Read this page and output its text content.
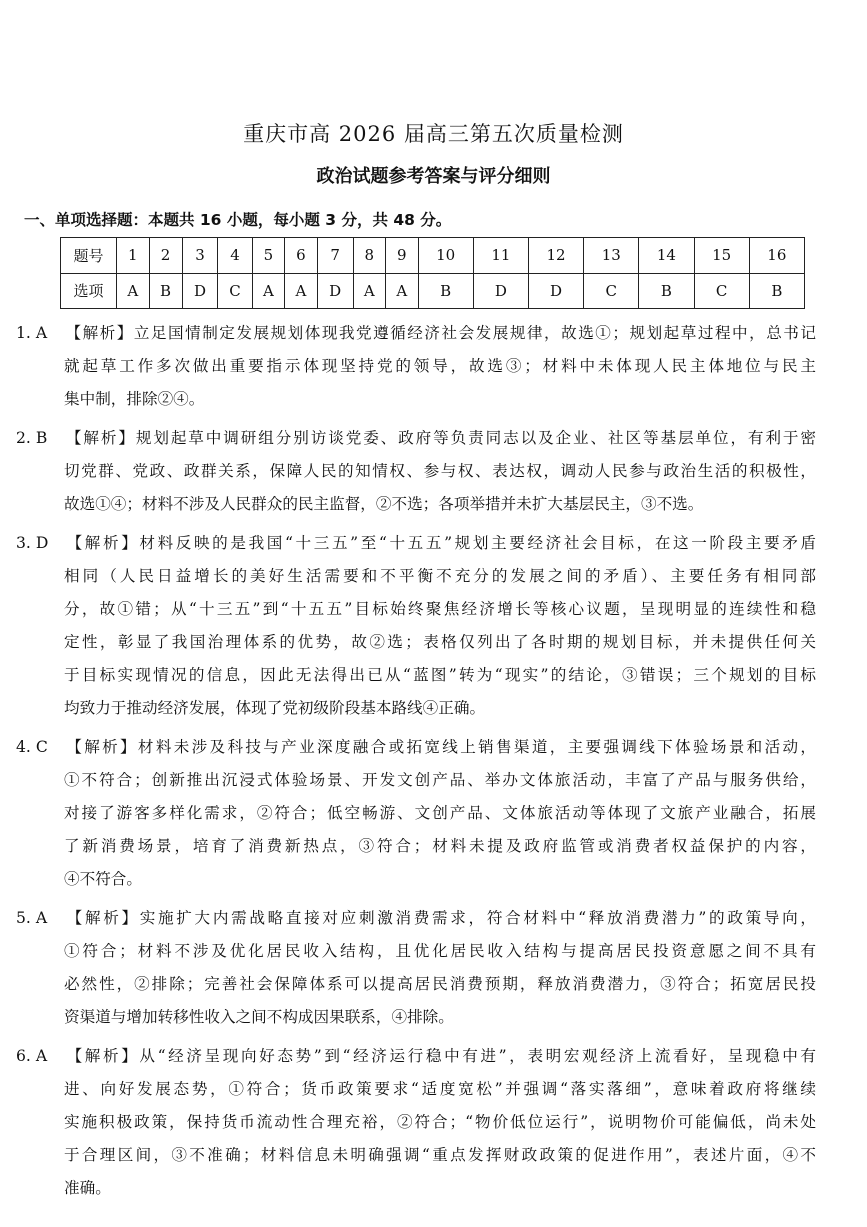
重庆市高 2026 届高三第五次质量检测
政治试题参考答案与评分细则
一、单项选择题：本题共 16 小题，每小题 3 分，共 48 分。
题号	1	2	3	4	5	6	7	8	9	10	11	12	13	14	15	16
选项	A	B	D	C	A	A	D	A	A	B	D	D	C	B	C	B
1. A 【解析】立足国情制定发展规划体现我党遵循经济社会发展规律，故选①；规划起草过程中，总书记
就起草工作多次做出重要指示体现坚持党的领导，故选③；材料中未体现人民主体地位与民主
集中制，排除②④。
2. B 【解析】规划起草中调研组分别访谈党委、政府等负责同志以及企业、社区等基层单位，有利于密
切党群、党政、政群关系，保障人民的知情权、参与权、表达权，调动人民参与政治生活的积极性，
故选①④；材料不涉及人民群众的民主监督，②不选；各项举措并未扩大基层民主，③不选。
3. D 【解析】材料反映的是我国“十三五”至“十五五”规划主要经济社会目标，在这一阶段主要矛盾
相同（人民日益增长的美好生活需要和不平衡不充分的发展之间的矛盾）、主要任务有相同部
分，故①错；从“十三五”到“十五五”目标始终聚焦经济增长等核心议题，呈现明显的连续性和稳
定性，彰显了我国治理体系的优势，故②选；表格仅列出了各时期的规划目标，并未提供任何关
于目标实现情况的信息，因此无法得出已从“蓝图”转为“现实”的结论，③错误；三个规划的目标
均致力于推动经济发展，体现了党初级阶段基本路线④正确。
4. C 【解析】材料未涉及科技与产业深度融合或拓宽线上销售渠道，主要强调线下体验场景和活动，
①不符合；创新推出沉浸式体验场景、开发文创产品、举办文体旅活动，丰富了产品与服务供给，
对接了游客多样化需求，②符合；低空畅游、文创产品、文体旅活动等体现了文旅产业融合，拓展
了新消费场景，培育了消费新热点，③符合；材料未提及政府监管或消费者权益保护的内容，
④不符合。
5. A 【解析】实施扩大内需战略直接对应刺激消费需求，符合材料中“释放消费潜力”的政策导向，
①符合；材料不涉及优化居民收入结构，且优化居民收入结构与提高居民投资意愿之间不具有
必然性，②排除；完善社会保障体系可以提高居民消费预期，释放消费潜力，③符合；拓宽居民投
资渠道与增加转移性收入之间不构成因果联系，④排除。
6. A 【解析】从“经济呈现向好态势”到“经济运行稳中有进”，表明宏观经济上流看好，呈现稳中有
进、向好发展态势，①符合；货币政策要求“适度宽松”并强调“落实落细”，意味着政府将继续
实施积极政策，保持货币流动性合理充裕，②符合；“物价低位运行”，说明物价可能偏低，尚未处
于合理区间，③不准确；材料信息未明确强调“重点发挥财政政策的促进作用”，表述片面，④不
准确。
